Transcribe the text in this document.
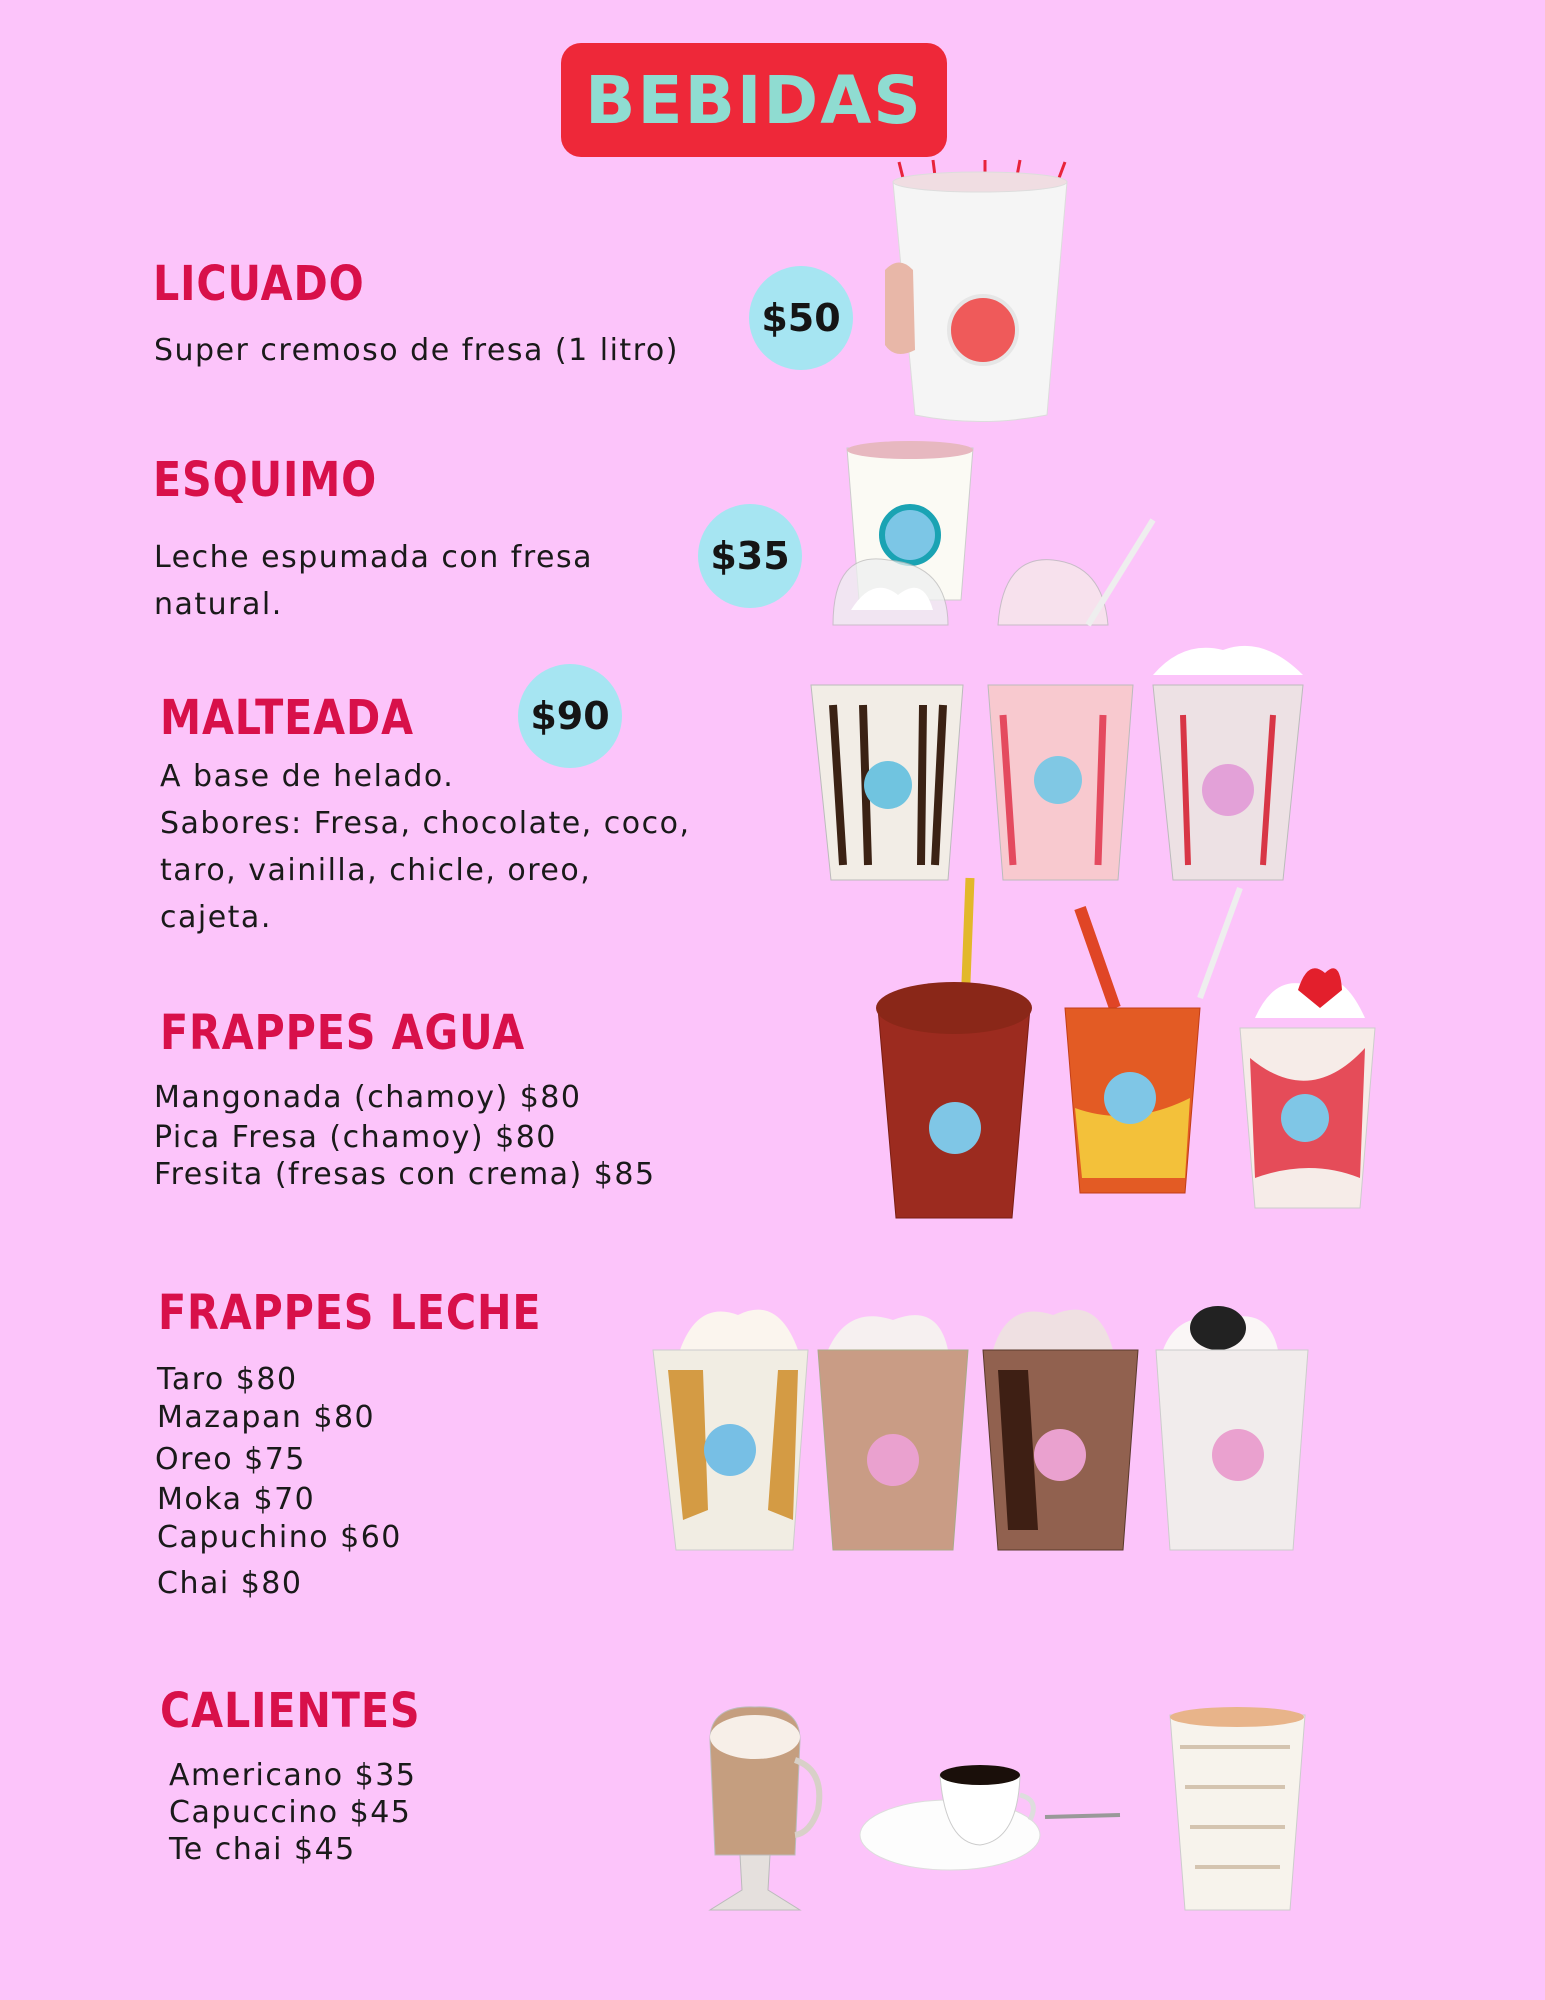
BEBIDAS
LICUADO
Super cremoso de fresa (1 litro)
$50
ESQUIMO
Leche espumada con fresa
natural.
$35
MALTEADA	$90
A base de helado.
Sabores: Fresa, chocolate, coco,
taro, vainilla, chicle, oreo,
cajeta.
FRAPPES AGUA
Mangonada (chamoy) $80
Pica Fresa (chamoy) $80
Fresita (fresas con crema) $85
FRAPPES LECHE
Taro $80
Mazapan $80
Oreo $75
Moka $70
Capuchino $60
Chai $80
CALIENTES
Americano $35
Capuccino $45
Te chai $45
